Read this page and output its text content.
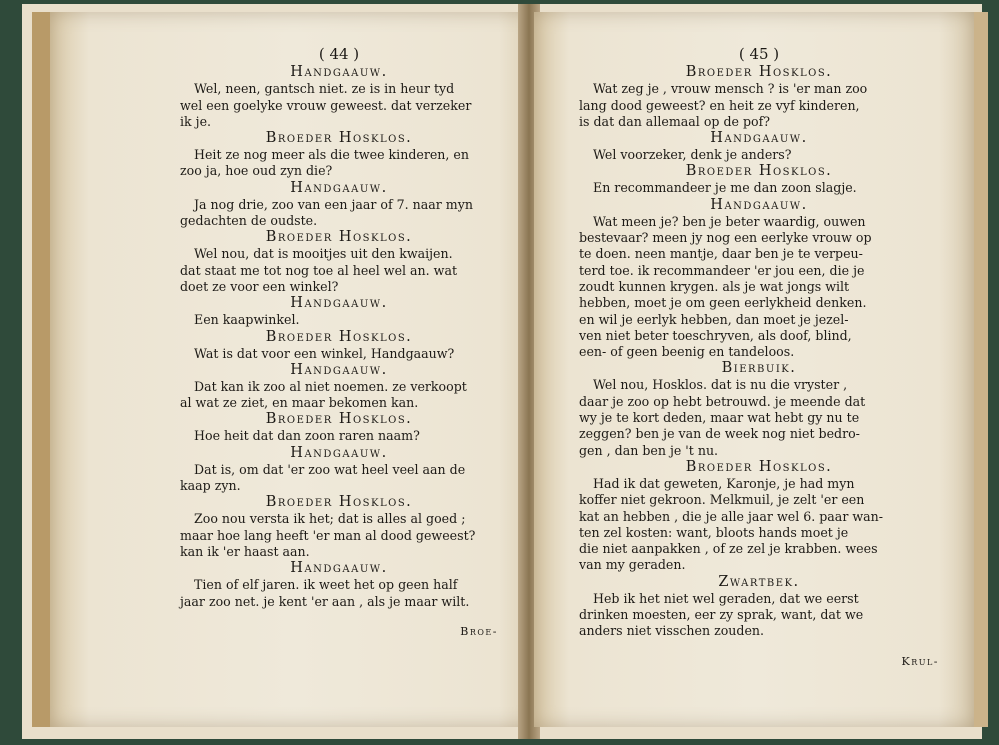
( 44 )
Handgaauw.
Wel, neen, gantsch niet. ze is in heur tyd
wel een goelyke vrouw geweest. dat verzeker
ik je.
Broeder Hosklos.
Heit ze nog meer als die twee kinderen, en
zoo ja, hoe oud zyn die?
Handgaauw.
Ja nog drie, zoo van een jaar of 7. naar myn
gedachten de oudste.
Broeder Hosklos.
Wel nou, dat is mooitjes uit den kwaijen.
dat staat me tot nog toe al heel wel an. wat
doet ze voor een winkel?
Handgaauw.
Een kaapwinkel.
Broeder Hosklos.
Wat is dat voor een winkel, Handgaauw?
Handgaauw.
Dat kan ik zoo al niet noemen. ze verkoopt
al wat ze ziet, en maar bekomen kan.
Broeder Hosklos.
Hoe heit dat dan zoon raren naam?
Handgaauw.
Dat is, om dat 'er zoo wat heel veel aan de
kaap zyn.
Broeder Hosklos.
Zoo nou versta ik het; dat is alles al goed ;
maar hoe lang heeft 'er man al dood geweest?
kan ik 'er haast aan.
Handgaauw.
Tien of elf jaren. ik weet het op geen half
jaar zoo net. je kent 'er aan , als je maar wilt.
Broe-
( 45 )
Broeder Hosklos.
Wat zeg je , vrouw mensch ? is 'er man zoo
lang dood geweest? en heit ze vyf kinderen,
is dat dan allemaal op de pof?
Handgaauw.
Wel voorzeker, denk je anders?
Broeder Hosklos.
En recommandeer je me dan zoon slagje.
Handgaauw.
Wat meen je? ben je beter waardig, ouwen
bestevaar? meen jy nog een eerlyke vrouw op
te doen. neen mantje, daar ben je te verpeu-
terd toe. ik recommandeer 'er jou een, die je
zoudt kunnen krygen. als je wat jongs wilt
hebben, moet je om geen eerlykheid denken.
en wil je eerlyk hebben, dan moet je jezel-
ven niet beter toeschryven, als doof, blind,
een- of geen beenig en tandeloos.
Bierbuik.
Wel nou, Hosklos. dat is nu die vryster ,
daar je zoo op hebt betrouwd. je meende dat
wy je te kort deden, maar wat hebt gy nu te
zeggen? ben je van de week nog niet bedro-
gen , dan ben je 't nu.
Broeder Hosklos.
Had ik dat geweten, Karonje, je had myn
koffer niet gekroon. Melkmuil, je zelt 'er een
kat an hebben , die je alle jaar wel 6. paar wan-
ten zel kosten: want, bloots hands moet je
die niet aanpakken , of ze zel je krabben. wees
van my geraden.
Zwartbek.
Heb ik het niet wel geraden, dat we eerst
drinken moesten, eer zy sprak, want, dat we
anders niet visschen zouden.
Krul-
